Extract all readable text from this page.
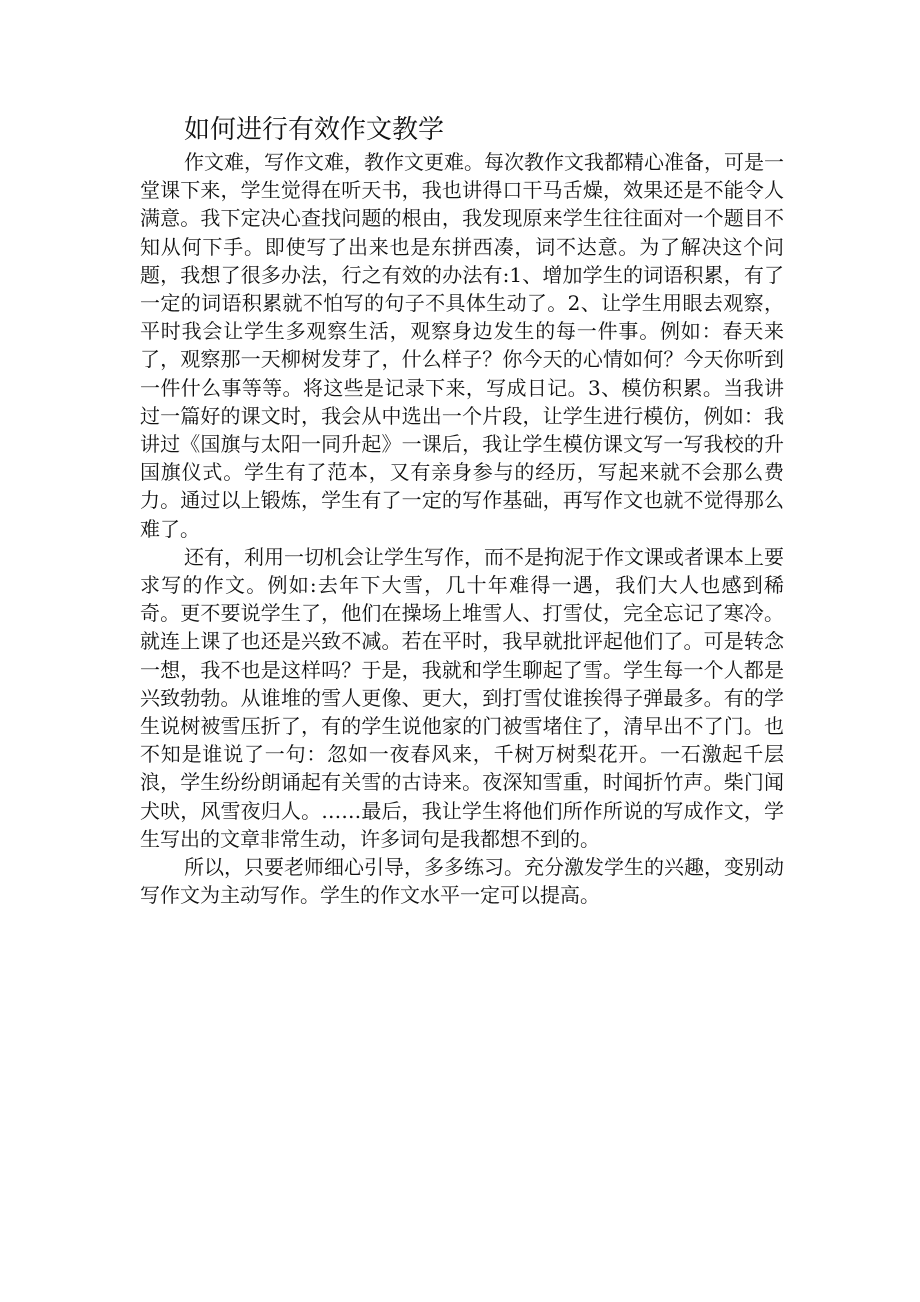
如何进行有效作文教学

作文难，写作文难，教作文更难。每次教作文我都精心准备，可是一堂课下来，学生觉得在听天书，我也讲得口干马舌燥，效果还是不能令人满意。我下定决心查找问题的根由，我发现原来学生往往面对一个题目不知从何下手。即使写了出来也是东拼西凑，词不达意。为了解决这个问题，我想了很多办法，行之有效的办法有:1、增加学生的词语积累，有了一定的词语积累就不怕写的句子不具体生动了。2、让学生用眼去观察，平时我会让学生多观察生活，观察身边发生的每一件事。例如：春天来了，观察那一天柳树发芽了，什么样子？你今天的心情如何？今天你听到一件什么事等等。将这些是记录下来，写成日记。3、模仿积累。当我讲过一篇好的课文时，我会从中选出一个片段，让学生进行模仿，例如：我讲过《国旗与太阳一同升起》一课后，我让学生模仿课文写一写我校的升国旗仪式。学生有了范本，又有亲身参与的经历，写起来就不会那么费力。通过以上锻炼，学生有了一定的写作基础，再写作文也就不觉得那么难了。

还有，利用一切机会让学生写作，而不是拘泥于作文课或者课本上要求写的作文。例如:去年下大雪，几十年难得一遇，我们大人也感到稀奇。更不要说学生了，他们在操场上堆雪人、打雪仗，完全忘记了寒冷。就连上课了也还是兴致不减。若在平时，我早就批评起他们了。可是转念一想，我不也是这样吗？于是，我就和学生聊起了雪。学生每一个人都是兴致勃勃。从谁堆的雪人更像、更大，到打雪仗谁挨得子弹最多。有的学生说树被雪压折了，有的学生说他家的门被雪堵住了，清早出不了门。也不知是谁说了一句：忽如一夜春风来，千树万树梨花开。一石激起千层浪，学生纷纷朗诵起有关雪的古诗来。夜深知雪重，时闻折竹声。柴门闻犬吠，风雪夜归人。……最后，我让学生将他们所作所说的写成作文，学生写出的文章非常生动，许多词句是我都想不到的。

所以，只要老师细心引导，多多练习。充分激发学生的兴趣，变别动写作文为主动写作。学生的作文水平一定可以提高。
